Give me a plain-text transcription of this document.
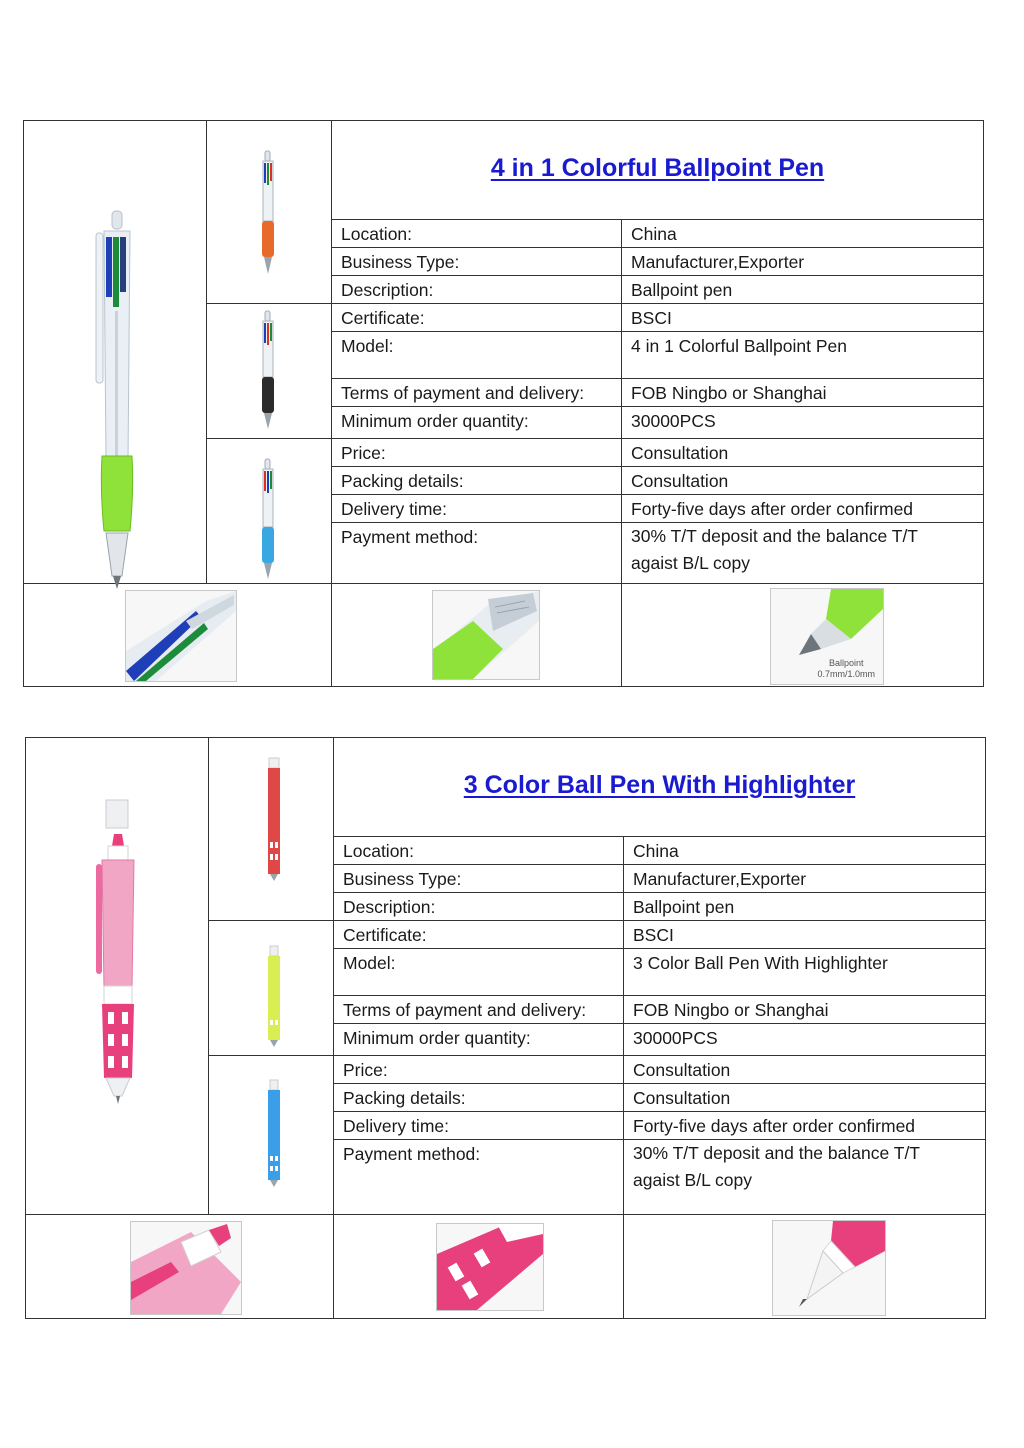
4 in 1 Colorful Ballpoint Pen
Location:	China
Business Type:	Manufacturer,Exporter
Description:	Ballpoint pen
Certificate:	BSCI
Model:	4 in 1 Colorful Ballpoint Pen
Terms of payment and delivery:	FOB Ningbo or Shanghai
Minimum order quantity:	30000PCS
Price:	Consultation
Packing details:	Consultation
Delivery time:	Forty-five days after order confirmed
Payment method:	30% T/T deposit and the balance T/T agaist B/L copy
Ballpoint
0.7mm/1.0mm
3 Color Ball Pen With Highlighter
Location:	China
Business Type:	Manufacturer,Exporter
Description:	Ballpoint pen
Certificate:	BSCI
Model:	3 Color Ball Pen With Highlighter
Terms of payment and delivery:	FOB Ningbo or Shanghai
Minimum order quantity:	30000PCS
Price:	Consultation
Packing details:	Consultation
Delivery time:	Forty-five days after order confirmed
Payment method:	30% T/T deposit and the balance T/T agaist B/L copy
